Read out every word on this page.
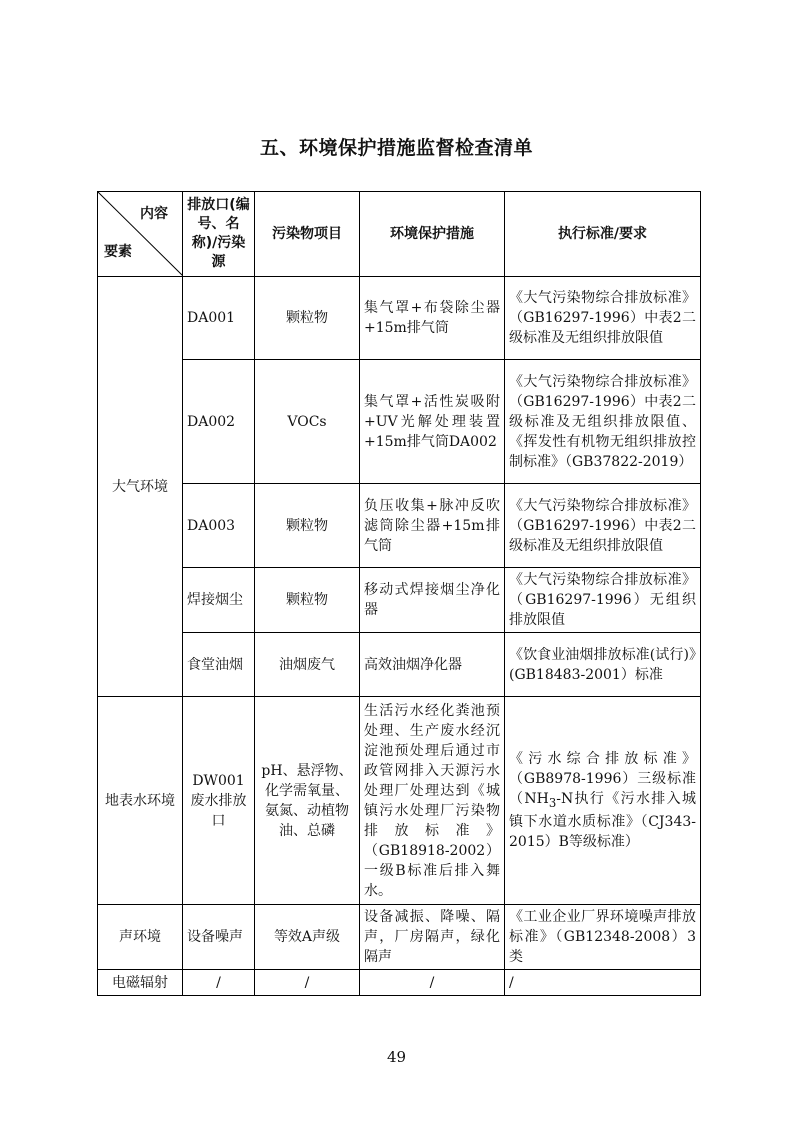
五、环境保护措施监督检查清单
内容
要素	排放口(编号、名称)/污染源	污染物项目	环境保护措施	执行标准/要求
大气环境	DA001	颗粒物	集气罩+布袋除尘器+15m排气筒	《大气污染物综合排放标准》（GB16297-1996）中表2二级标准及无组织排放限值
	DA002	VOCs	集气罩+活性炭吸附+UV光解处理装置+15m排气筒DA002	《大气污染物综合排放标准》（GB16297-1996）中表2二级标准及无组织排放限值、《挥发性有机物无组织排放控制标准》（GB37822-2019）
	DA003	颗粒物	负压收集+脉冲反吹滤筒除尘器+15m排气筒	《大气污染物综合排放标准》（GB16297-1996）中表2二级标准及无组织排放限值
	焊接烟尘	颗粒物	移动式焊接烟尘净化器	《大气污染物综合排放标准》（GB16297-1996）无组织排放限值
	食堂油烟	油烟废气	高效油烟净化器	《饮食业油烟排放标准(试行)》(GB18483-2001）标准
地表水环境	DW001废水排放口	pH、悬浮物、化学需氧量、氨氮、动植物油、总磷	生活污水经化粪池预处理、生产废水经沉淀池预处理后通过市政管网排入天源污水处理厂处理达到《城镇污水处理厂污染物排放标准》（GB18918-2002）一级B标准后排入舞水。	《污水综合排放标准》（GB8978-1996）三级标准（$NH_3-N$执行《污水排入城镇下水道水质标准》（CJ343-2015）B等级标准）
声环境	设备噪声	等效A声级	设备减振、降噪、隔声，厂房隔声，绿化隔声	《工业企业厂界环境噪声排放标准》（GB12348-2008）3类
电磁辐射	/	/	/	/
49
